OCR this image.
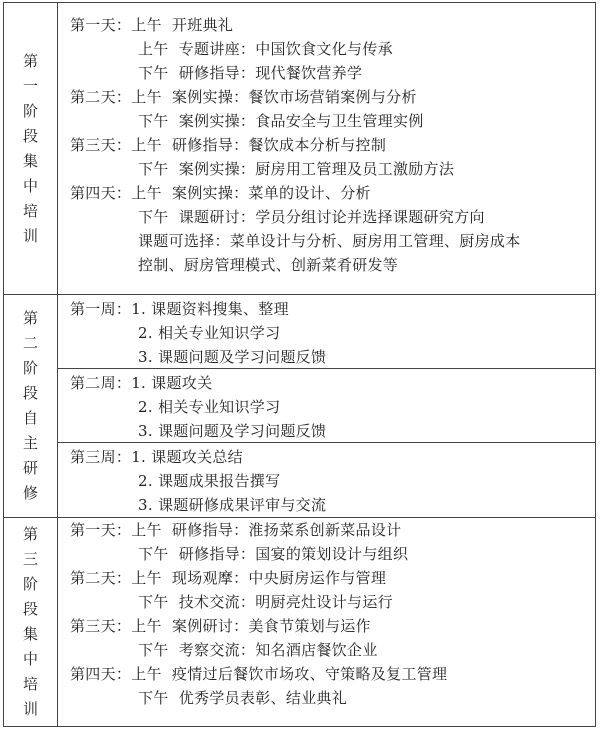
第一阶段集中培训
第一天：上午  开班典礼
上午  专题讲座：中国饮食文化与传承
下午  研修指导：现代餐饮营养学
第二天：上午  案例实操：餐饮市场营销案例与分析
下午  案例实操：食品安全与卫生管理实例
第三天：上午  研修指导：餐饮成本分析与控制
下午  案例实操：厨房用工管理及员工激励方法
第四天：上午  案例实操：菜单的设计、分析
下午  课题研讨：学员分组讨论并选择课题研究方向
课题可选择：菜单设计与分析、厨房用工管理、厨房成本
控制、厨房管理模式、创新菜肴研发等
第二阶段自主研修
第一周：1. 课题资料搜集、整理
2. 相关专业知识学习
3. 课题问题及学习问题反馈
第二周：1. 课题攻关
2. 相关专业知识学习
3. 课题问题及学习问题反馈
第三周：1. 课题攻关总结
2. 课题成果报告撰写
3. 课题研修成果评审与交流
第三阶段集中培训
第一天：上午  研修指导：淮扬菜系创新菜品设计
下午  研修指导：国宴的策划设计与组织
第二天：上午  现场观摩：中央厨房运作与管理
下午  技术交流：明厨亮灶设计与运行
第三天：上午  案例研讨：美食节策划与运作
下午  考察交流：知名酒店餐饮企业
第四天：上午  疫情过后餐饮市场攻、守策略及复工管理
下午  优秀学员表彰、结业典礼
